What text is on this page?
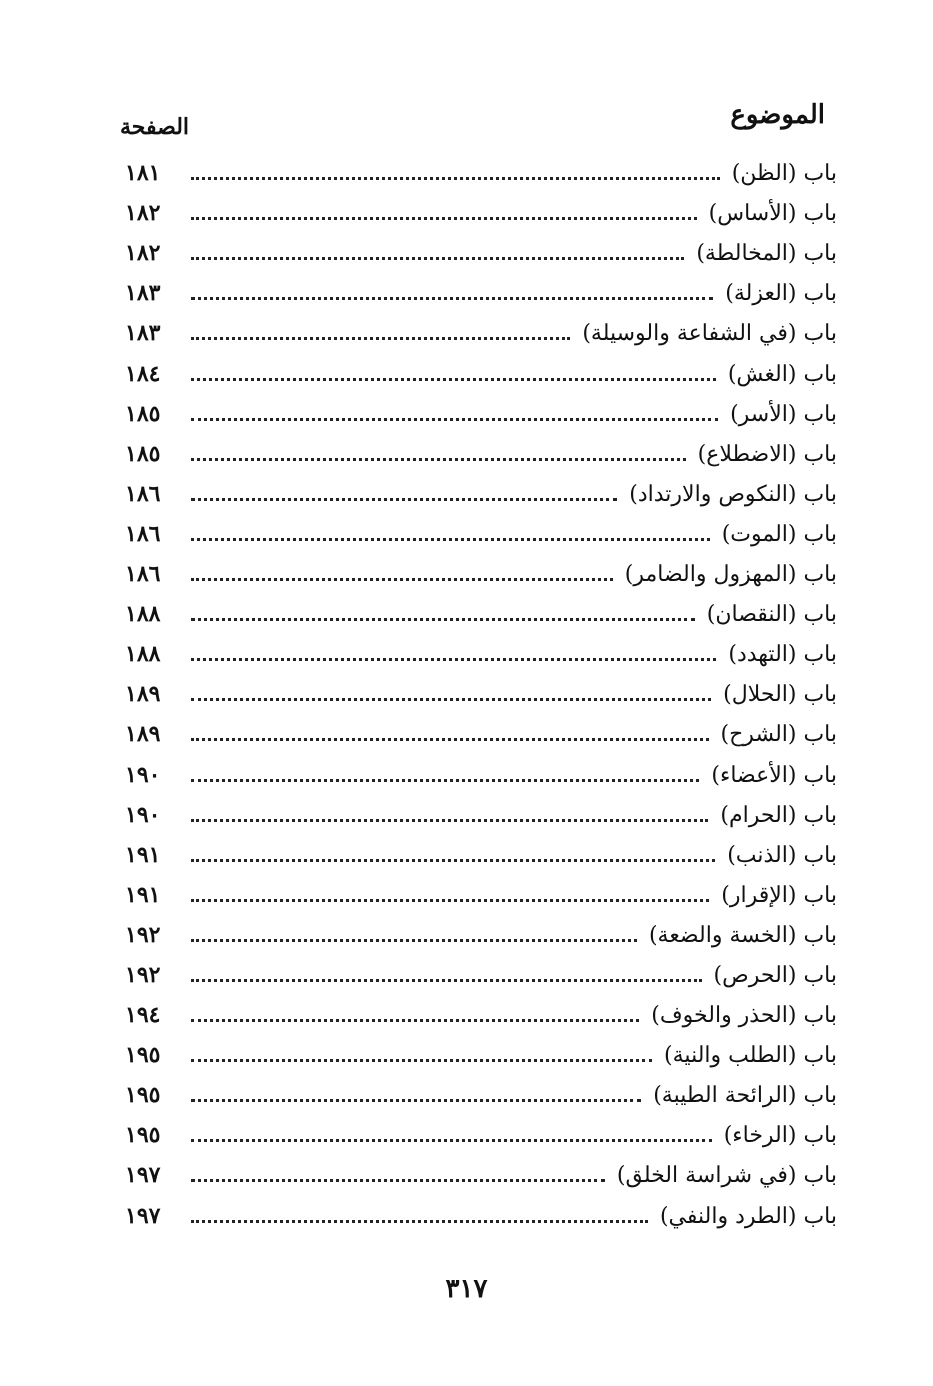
الموضوع
الصفحة
باب (الظن)
١٨١
باب (الأساس)
١٨٢
باب (المخالطة)
١٨٢
باب (العزلة)
١٨٣
باب (في الشفاعة والوسيلة)
١٨٣
باب (الغش)
١٨٤
باب (الأسر)
١٨٥
باب (الاضطلاع)
١٨٥
باب (النكوص والارتداد)
١٨٦
باب (الموت)
١٨٦
باب (المهزول والضامر)
١٨٦
باب (النقصان)
١٨٨
باب (التهدد)
١٨٨
باب (الحلال)
١٨٩
باب (الشرح)
١٨٩
باب (الأعضاء)
١٩٠
باب (الحرام)
١٩٠
باب (الذنب)
١٩١
باب (الإقرار)
١٩١
باب (الخسة والضعة)
١٩٢
باب (الحرص)
١٩٢
باب (الحذر والخوف)
١٩٤
باب (الطلب والنية)
١٩٥
باب (الرائحة الطيبة)
١٩٥
باب (الرخاء)
١٩٥
باب (في شراسة الخلق)
١٩٧
باب (الطرد والنفي)
١٩٧
٣١٧
